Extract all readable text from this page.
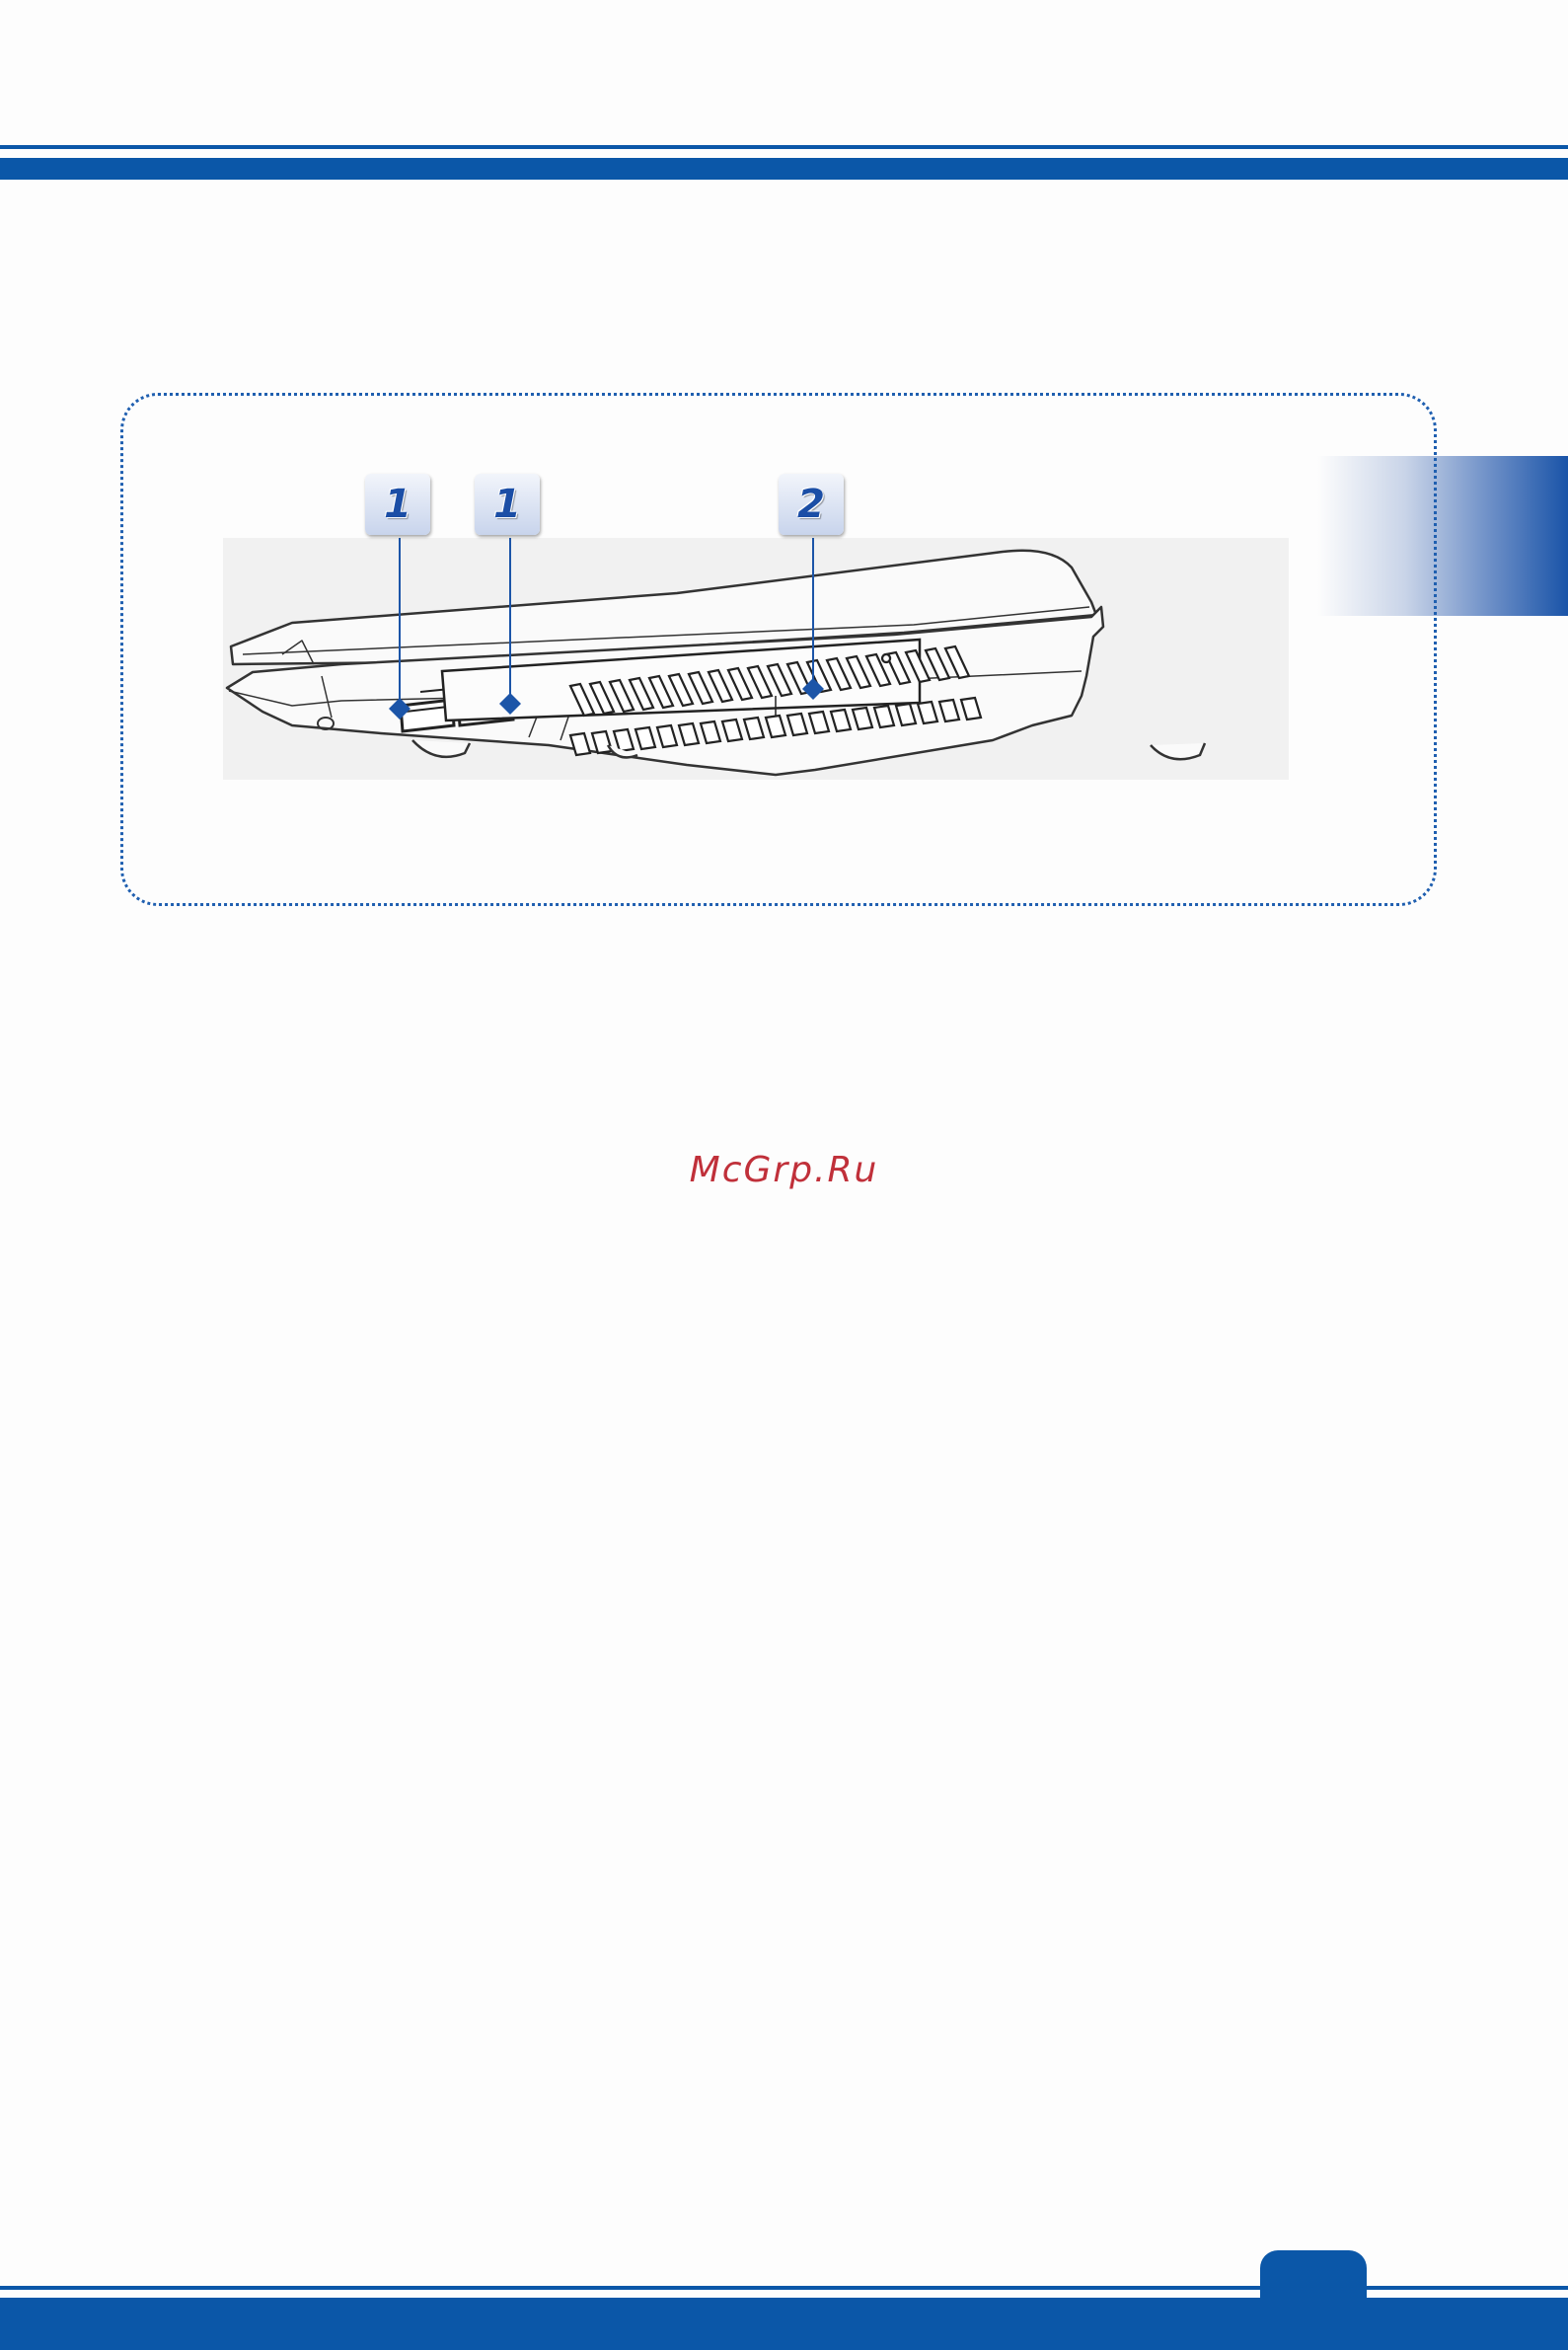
1	1	2
McGrp.Ru
